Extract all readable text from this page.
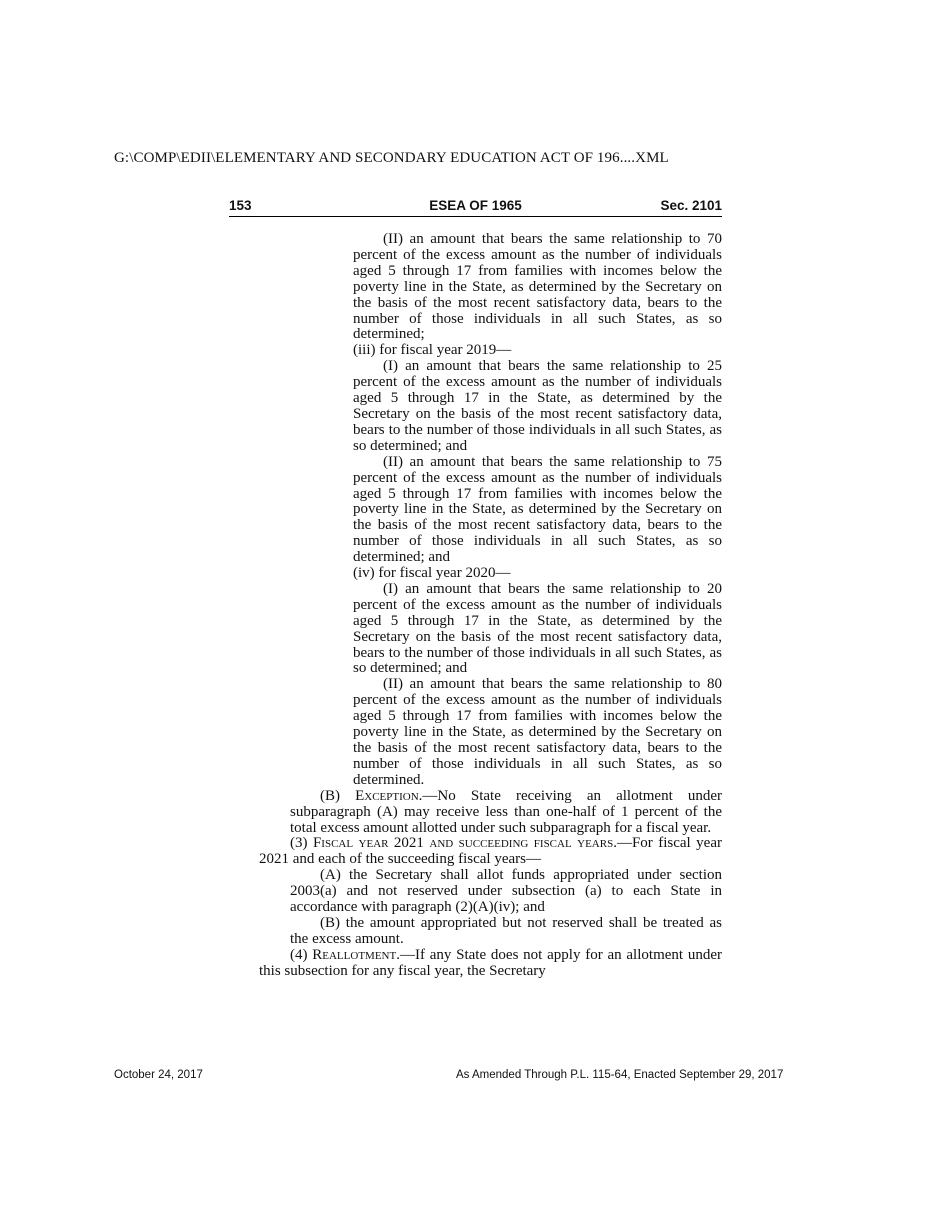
G:\COMP\EDII\ELEMENTARY AND SECONDARY EDUCATION ACT OF 196....XML
153	ESEA OF 1965	Sec. 2101

(II) an amount that bears the same relationship to 70 percent of the excess amount as the number of individuals aged 5 through 17 from families with incomes below the poverty line in the State, as determined by the Secretary on the basis of the most recent satisfactory data, bears to the number of those individuals in all such States, as so determined;

(iii) for fiscal year 2019—

(I) an amount that bears the same relationship to 25 percent of the excess amount as the number of individuals aged 5 through 17 in the State, as determined by the Secretary on the basis of the most recent satisfactory data, bears to the number of those individuals in all such States, as so determined; and

(II) an amount that bears the same relationship to 75 percent of the excess amount as the number of individuals aged 5 through 17 from families with incomes below the poverty line in the State, as determined by the Secretary on the basis of the most recent satisfactory data, bears to the number of those individuals in all such States, as so determined; and

(iv) for fiscal year 2020—

(I) an amount that bears the same relationship to 20 percent of the excess amount as the number of individuals aged 5 through 17 in the State, as determined by the Secretary on the basis of the most recent satisfactory data, bears to the number of those individuals in all such States, as so determined; and

(II) an amount that bears the same relationship to 80 percent of the excess amount as the number of individuals aged 5 through 17 from families with incomes below the poverty line in the State, as determined by the Secretary on the basis of the most recent satisfactory data, bears to the number of those individuals in all such States, as so determined.

(B) Exception.—No State receiving an allotment under subparagraph (A) may receive less than one-half of 1 percent of the total excess amount allotted under such subparagraph for a fiscal year.

(3) Fiscal year 2021 and succeeding fiscal years.—For fiscal year 2021 and each of the succeeding fiscal years—

(A) the Secretary shall allot funds appropriated under section 2003(a) and not reserved under subsection (a) to each State in accordance with paragraph (2)(A)(iv); and

(B) the amount appropriated but not reserved shall be treated as the excess amount.

(4) Reallotment.—If any State does not apply for an allotment under this subsection for any fiscal year, the Secretary

October 24, 2017	As Amended Through P.L. 115-64, Enacted September 29, 2017
